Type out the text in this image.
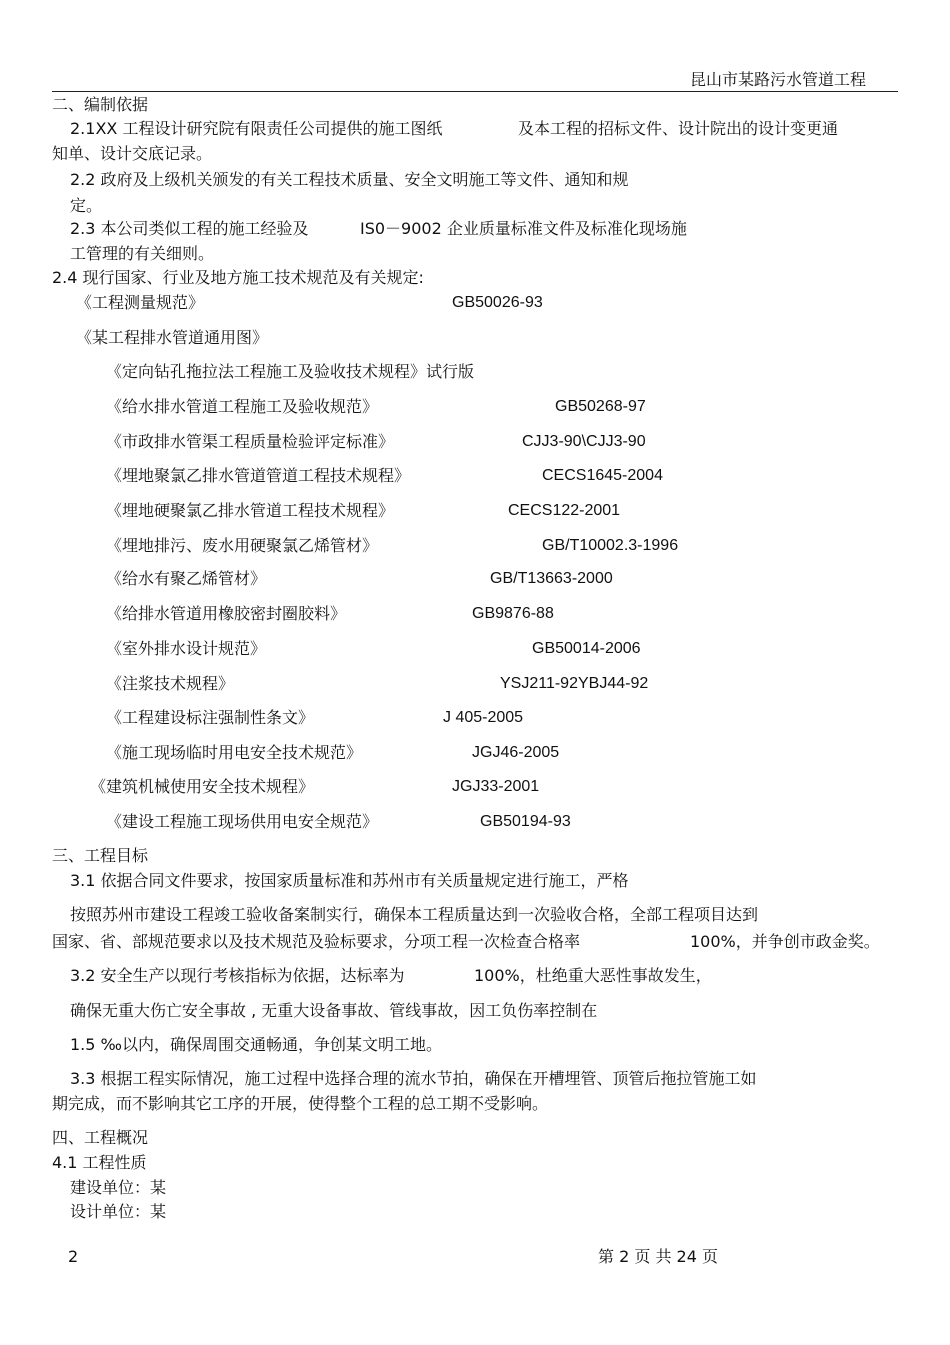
昆山市某路污水管道工程
二、编制依据
2.1XX 工程设计研究院有限责任公司提供的施工图纸	及本工程的招标文件、设计院出的设计变更通
知单、设计交底记录。
2.2 政府及上级机关颁发的有关工程技术质量、安全文明施工等文件、通知和规
定。
2.3 本公司类似工程的施工经验及	IS0－9002 企业质量标准文件及标准化现场施
工管理的有关细则。
2.4 现行国家、行业及地方施工技术规范及有关规定:
《工程测量规范》	GB50026-93
《某工程排水管道通用图》
《定向钻孔拖拉法工程施工及验收技术规程》试行版
《给水排水管道工程施工及验收规范》	GB50268-97
《市政排水管渠工程质量检验评定标准》	CJJ3-90\CJJ3-90
《埋地聚氯乙排水管道管道工程技术规程》	CECS1645-2004
《埋地硬聚氯乙排水管道工程技术规程》	CECS122-2001
《埋地排污、废水用硬聚氯乙烯管材》	GB/T10002.3-1996
《给水有聚乙烯管材》	GB/T13663-2000
《给排水管道用橡胶密封圈胶料》	GB9876-88
《室外排水设计规范》	GB50014-2006
《注浆技术规程》	YSJ211-92YBJ44-92
《工程建设标注强制性条文》	J 405-2005
《施工现场临时用电安全技术规范》	JGJ46-2005
《建筑机械使用安全技术规程》	JGJ33-2001
《建设工程施工现场供用电安全规范》	GB50194-93
三、工程目标
3.1 依据合同文件要求，按国家质量标准和苏州市有关质量规定进行施工，严格
按照苏州市建设工程竣工验收备案制实行，确保本工程质量达到一次验收合格，全部工程项目达到
国家、省、部规范要求以及技术规范及验标要求，分项工程一次检查合格率	100%，并争创市政金奖。
3.2 安全生产以现行考核指标为依据，达标率为	100%，杜绝重大恶性事故发生，
确保无重大伤亡安全事故 , 无重大设备事故、管线事故，因工负伤率控制在
1.5 ‰以内，确保周围交通畅通，争创某文明工地。
3.3 根据工程实际情况，施工过程中选择合理的流水节拍，确保在开槽埋管、顶管后拖拉管施工如
期完成，而不影响其它工序的开展，使得整个工程的总工期不受影响。
四、工程概况
4.1 工程性质
建设单位：某
设计单位：某
2	第 2 页 共 24 页
